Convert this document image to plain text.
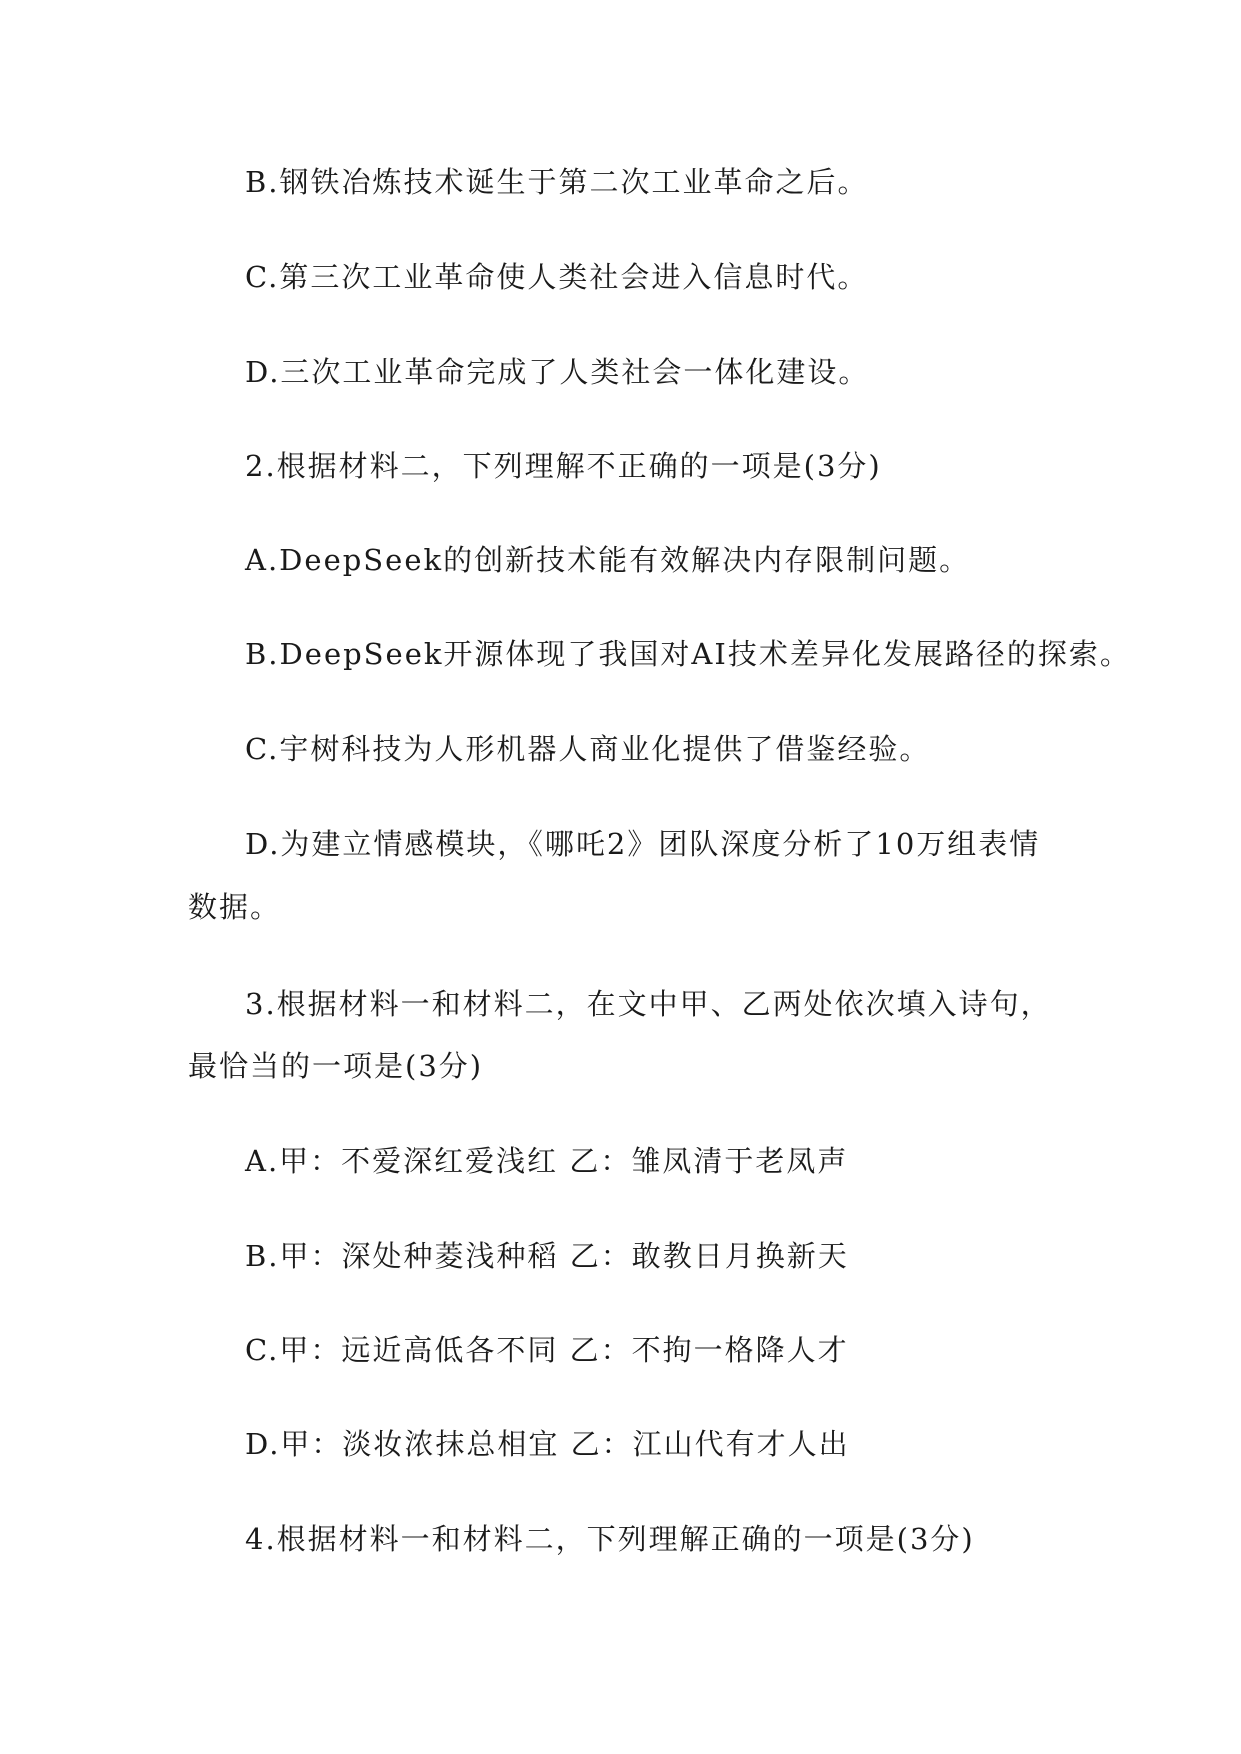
B.钢铁冶炼技术诞生于第二次工业革命之后。
C.第三次工业革命使人类社会进入信息时代。
D.三次工业革命完成了人类社会一体化建设。
2.根据材料二，下列理解不正确的一项是(3分)
A.DeepSeek的创新技术能有效解决内存限制问题。
B.DeepSeek开源体现了我国对AI技术差异化发展路径的探索。
C.宇树科技为人形机器人商业化提供了借鉴经验。
D.为建立情感模块，《哪吒2》团队深度分析了10万组表情
数据。
3.根据材料一和材料二，在文中甲、乙两处依次填入诗句，
最恰当的一项是(3分)
A.甲：不爱深红爱浅红 乙：雏凤清于老凤声
B.甲：深处种菱浅种稻 乙：敢教日月换新天
C.甲：远近高低各不同 乙：不拘一格降人才
D.甲：淡妆浓抹总相宜 乙：江山代有才人出
4.根据材料一和材料二，下列理解正确的一项是(3分)
